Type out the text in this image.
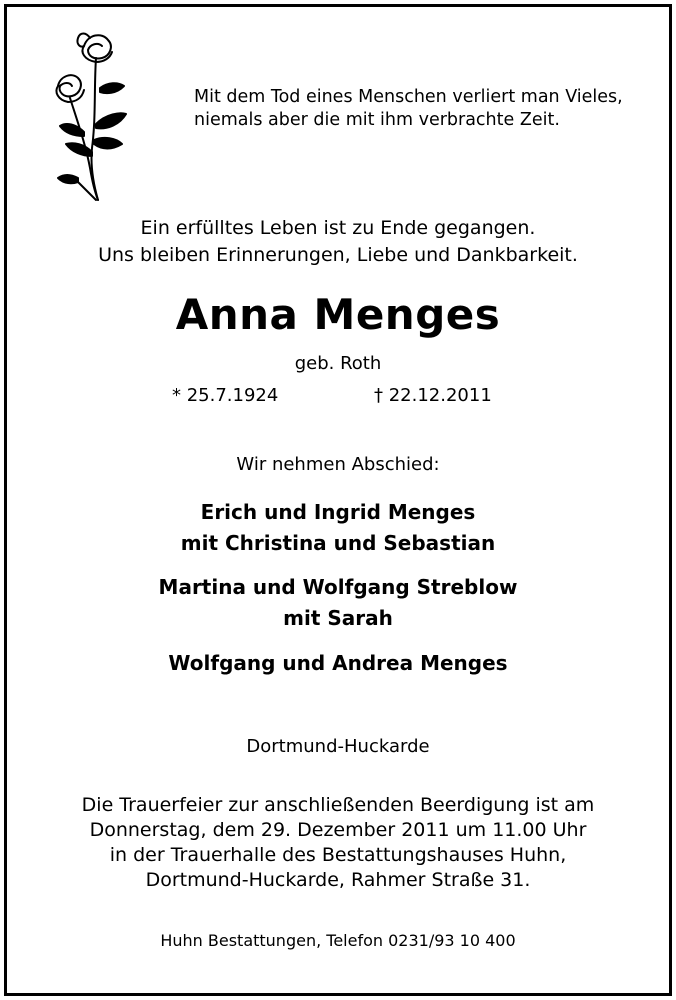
Mit dem Tod eines Menschen verliert man Vieles,
niemals aber die mit ihm verbrachte Zeit.
Ein erfülltes Leben ist zu Ende gegangen.
Uns bleiben Erinnerungen, Liebe und Dankbarkeit.
Anna Menges
geb. Roth
* 25.7.1924	† 22.12.2011
Wir nehmen Abschied:
Erich und Ingrid Menges
mit Christina und Sebastian
Martina und Wolfgang Streblow
mit Sarah
Wolfgang und Andrea Menges
Dortmund-Huckarde
Die Trauerfeier zur anschließenden Beerdigung ist am
Donnerstag, dem 29. Dezember 2011 um 11.00 Uhr
in der Trauerhalle des Bestattungshauses Huhn,
Dortmund-Huckarde, Rahmer Straße 31.
Huhn Bestattungen, Telefon 0231/93 10 400
